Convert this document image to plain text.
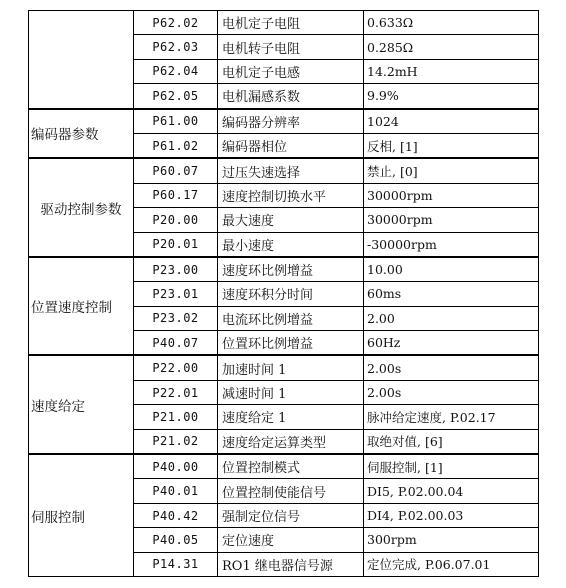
	P62.02	电机定子电阻	0.633Ω
	P62.03	电机转子电阻	0.285Ω
	P62.04	电机定子电感	14.2mH
	P62.05	电机漏感系数	9.9%
编码器参数	P61.00	编码器分辨率	1024
	P61.02	编码器相位	反相, [1]
驱动控制参数	P60.07	过压失速选择	禁止, [0]
	P60.17	速度控制切换水平	30000rpm
	P20.00	最大速度	30000rpm
	P20.01	最小速度	-30000rpm
位置速度控制	P23.00	速度环比例增益	10.00
	P23.01	速度环积分时间	60ms
	P23.02	电流环比例增益	2.00
	P40.07	位置环比例增益	60Hz
速度给定	P22.00	加速时间 1	2.00s
	P22.01	减速时间 1	2.00s
	P21.00	速度给定 1	脉冲给定速度, P.02.17
	P21.02	速度给定运算类型	取绝对值, [6]
伺服控制	P40.00	位置控制模式	伺服控制, [1]
	P40.01	位置控制使能信号	DI5, P.02.00.04
	P40.42	强制定位信号	DI4, P.02.00.03
	P40.05	定位速度	300rpm
	P14.31	RO1 继电器信号源	定位完成, P.06.07.01
